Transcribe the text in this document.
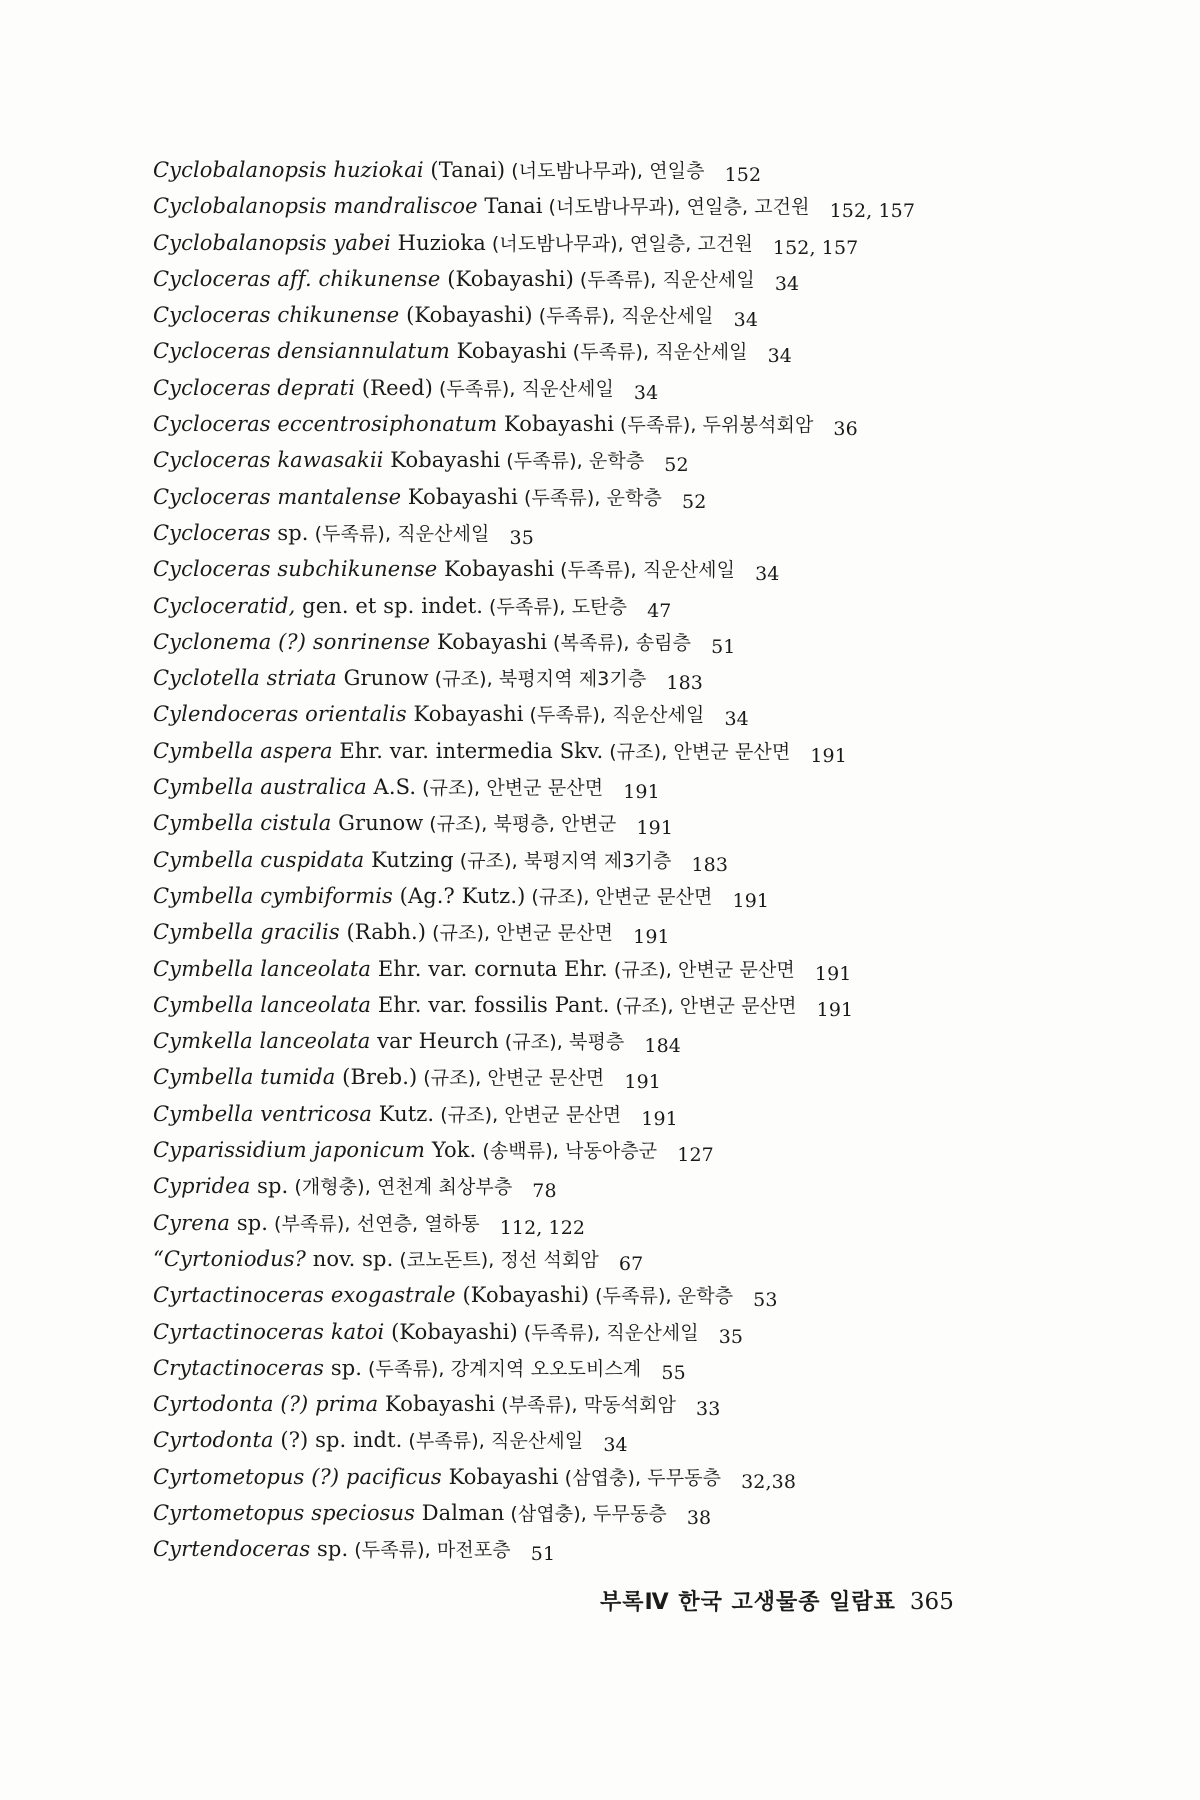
Cyclobalanopsis huziokai (Tanai) (너도밤나무과), 연일층 152
Cyclobalanopsis mandraliscoe Tanai (너도밤나무과), 연일층, 고건원 152, 157
Cyclobalanopsis yabei Huzioka (너도밤나무과), 연일층, 고건원 152, 157
Cycloceras aff. chikunense (Kobayashi) (두족류), 직운산세일 34
Cycloceras chikunense (Kobayashi) (두족류), 직운산세일 34
Cycloceras densiannulatum Kobayashi (두족류), 직운산세일 34
Cycloceras deprati (Reed) (두족류), 직운산세일 34
Cycloceras eccentrosiphonatum Kobayashi (두족류), 두위봉석회암 36
Cycloceras kawasakii Kobayashi (두족류), 운학층 52
Cycloceras mantalense Kobayashi (두족류), 운학층 52
Cycloceras sp. (두족류), 직운산세일 35
Cycloceras subchikunense Kobayashi (두족류), 직운산세일 34
Cycloceratid, gen. et sp. indet. (두족류), 도탄층 47
Cyclonema (?) sonrinense Kobayashi (복족류), 송림층 51
Cyclotella striata Grunow (규조), 북평지역 제3기층 183
Cylendoceras orientalis Kobayashi (두족류), 직운산세일 34
Cymbella aspera Ehr. var. intermedia Skv. (규조), 안변군 문산면 191
Cymbella australica A.S. (규조), 안변군 문산면 191
Cymbella cistula Grunow (규조), 북평층, 안변군 191
Cymbella cuspidata Kutzing (규조), 북평지역 제3기층 183
Cymbella cymbiformis (Ag.? Kutz.) (규조), 안변군 문산면 191
Cymbella gracilis (Rabh.) (규조), 안변군 문산면 191
Cymbella lanceolata Ehr. var. cornuta Ehr. (규조), 안변군 문산면 191
Cymbella lanceolata Ehr. var. fossilis Pant. (규조), 안변군 문산면 191
Cymkella lanceolata var Heurch (규조), 북평층 184
Cymbella tumida (Breb.) (규조), 안변군 문산면 191
Cymbella ventricosa Kutz. (규조), 안변군 문산면 191
Cyparissidium japonicum Yok. (송백류), 낙동아층군 127
Cypridea sp. (개형충), 연천계 최상부층 78
Cyrena sp. (부족류), 선연층, 열하통 112, 122
“Cyrtoniodus? nov. sp. (코노돈트), 정선 석회암 67
Cyrtactinoceras exogastrale (Kobayashi) (두족류), 운학층 53
Cyrtactinoceras katoi (Kobayashi) (두족류), 직운산세일 35
Crytactinoceras sp. (두족류), 강계지역 오오도비스계 55
Cyrtodonta (?) prima Kobayashi (부족류), 막동석회암 33
Cyrtodonta (?) sp. indt. (부족류), 직운산세일 34
Cyrtometopus (?) pacificus Kobayashi (삼엽충), 두무동층 32,38
Cyrtometopus speciosus Dalman (삼엽충), 두무동층 38
Cyrtendoceras sp. (두족류), 마전포층 51
부록Ⅳ 한국 고생물종 일람표 365
